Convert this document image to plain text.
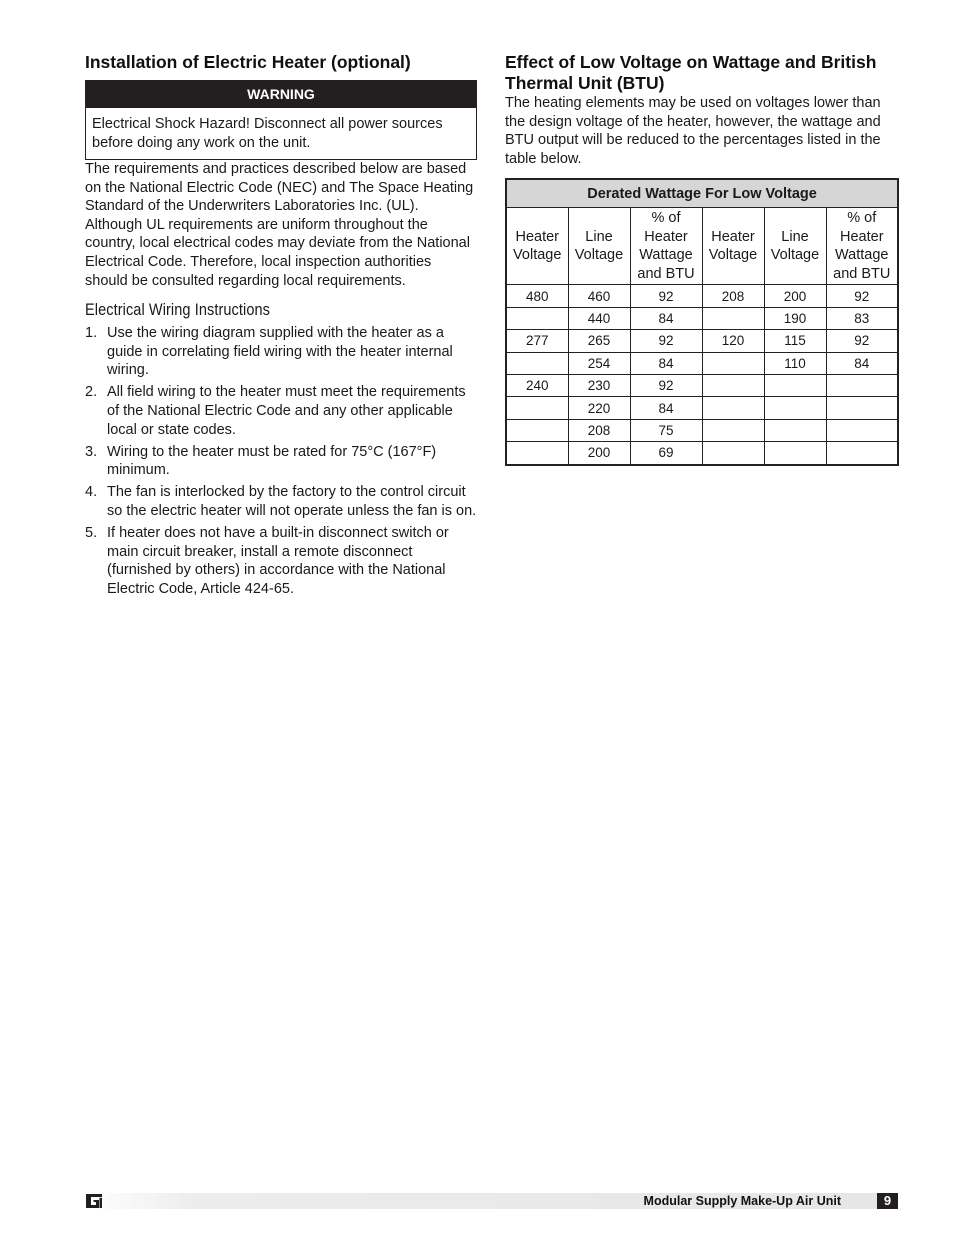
Installation of Electric Heater (optional)
WARNING
Electrical Shock Hazard! Disconnect all power sources before doing any work on the unit.

The requirements and practices described below are based on the National Electric Code (NEC) and The Space Heating Standard of the Underwriters Laboratories Inc. (UL). Although UL requirements are uniform throughout the country, local electrical codes may deviate from the National Electrical Code. Therefore, local inspection authorities should be consulted regarding local requirements.

Electrical Wiring Instructions
1. Use the wiring diagram supplied with the heater as a guide in correlating field wiring with the heater internal wiring.
2. All field wiring to the heater must meet the requirements of the National Electric Code and any other applicable local or state codes.
3. Wiring to the heater must be rated for 75°C (167°F) minimum.
4. The fan is interlocked by the factory to the control circuit so the electric heater will not operate unless the fan is on.
5. If heater does not have a built-in disconnect switch or main circuit breaker, install a remote disconnect (furnished by others) in accordance with the National Electric Code, Article 424-65.
Effect of Low Voltage on Wattage and British Thermal Unit (BTU)

The heating elements may be used on voltages lower than the design voltage of the heater, however, the wattage and BTU output will be reduced to the percentages listed in the table below.

Derated Wattage For Low Voltage					
Heater
Voltage	Line
Voltage	% of
Heater
Wattage
and BTU	Heater
Voltage	Line
Voltage	% of
Heater
Wattage
and BTU
480	460	92	208	200	92
	440	84		190	83
277	265	92	120	115	92
	254	84		110	84
240	230	92			
	220	84			
	208	75			
	200	69			
Modular Supply Make-Up Air Unit	9
